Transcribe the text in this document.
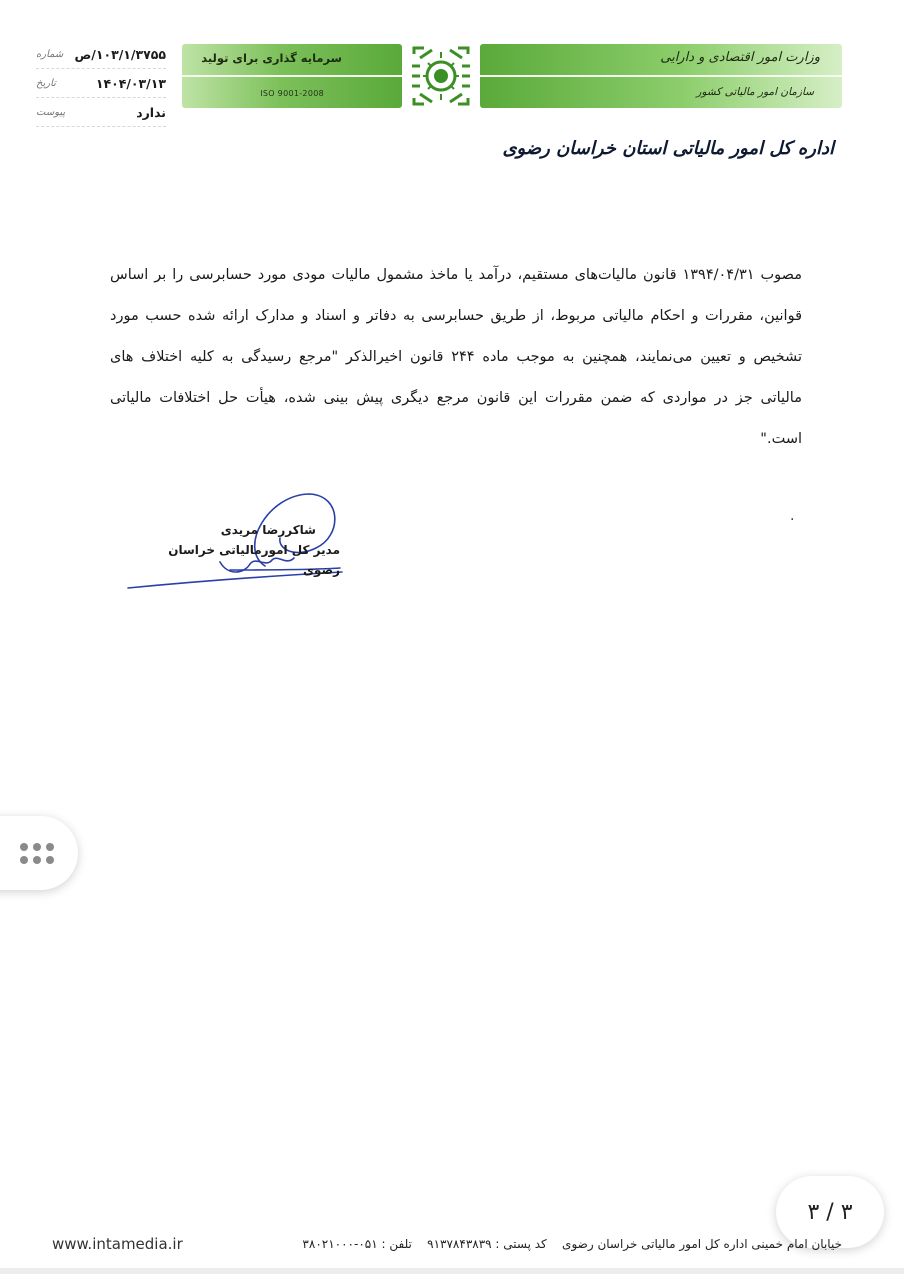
۱۰۳/۱/۳۷۵۵/ص
شماره
۱۴۰۴/۰۳/۱۳
تاریخ
ندارد
پیوست
سرمایه گذاری برای تولید
ISO 9001-2008
وزارت امور اقتصادی و دارایی
سازمان امور مالیاتی کشور
اداره کل امور مالیاتی استان خراسان رضوی
مصوب ۱۳۹۴/۰۴/۳۱ قانون مالیات‌های مستقیم، درآمد یا ماخذ مشمول مالیات مودی مورد حسابرسی را بر اساس
قوانین، مقررات و احکام مالیاتی مربوط، از طریق حسابرسی به دفاتر و اسناد و مدارک ارائه شده حسب مورد
تشخیص و تعیین می‌نمایند، همچنین به موجب ماده ۲۴۴ قانون اخیرالذکر "مرجع رسیدگی به کلیه اختلاف های
مالیاتی جز در مواردی که ضمن مقررات این قانون مرجع دیگری پیش بینی شده، هیأت حل اختلافات مالیاتی
است."
.
شاکررضا مریدی
مدیر کل امورمالیاتی خراسان رضوی
۳ / ۳
www.intamedia.ir	خیابان امام خمینی اداره کل امور مالیاتی خراسان رضوی    کد پستی : ۹۱۳۷۸۴۳۸۳۹    تلفن : ۰۵۱-۳۸۰۲۱۰۰۰
